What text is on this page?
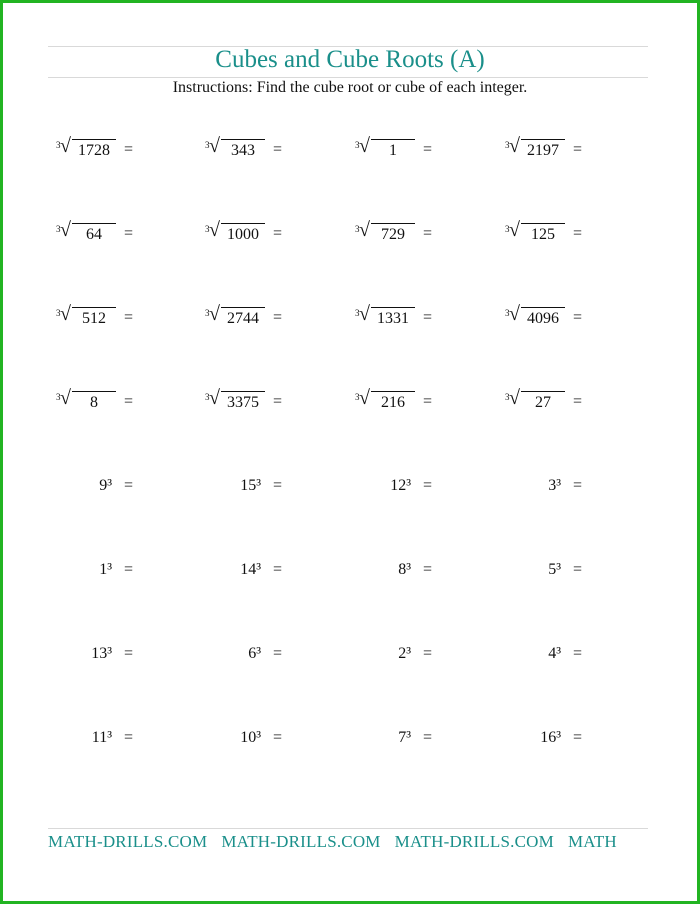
Cubes and Cube Roots (A)
Instructions: Find the cube root or cube of each integer.
3 √ 1728 =	3 √ 343	=	3 √	1	=	3 √ 2197 =
3 √ 64	=	3 √ 1000 =	3 √ 729	=	3 √ 125	=
3 √ 512	=	3 √ 2744 =	3 √ 1331 =	3 √ 4096 =
3 √	8	=	3 √ 3375 =	3 √ 216	=	3 √ 27	=
9³ =	15³ =	12³ =	3³ =
1³ =	14³ =	8³ =	5³ =
13³ =	6³ =	2³ =	4³ =
11³ =	10³ =	7³ =	16³ =
MATH-DRILLS.COM MATH-DRILLS.COM MATH-DRILLS.COM MATH
